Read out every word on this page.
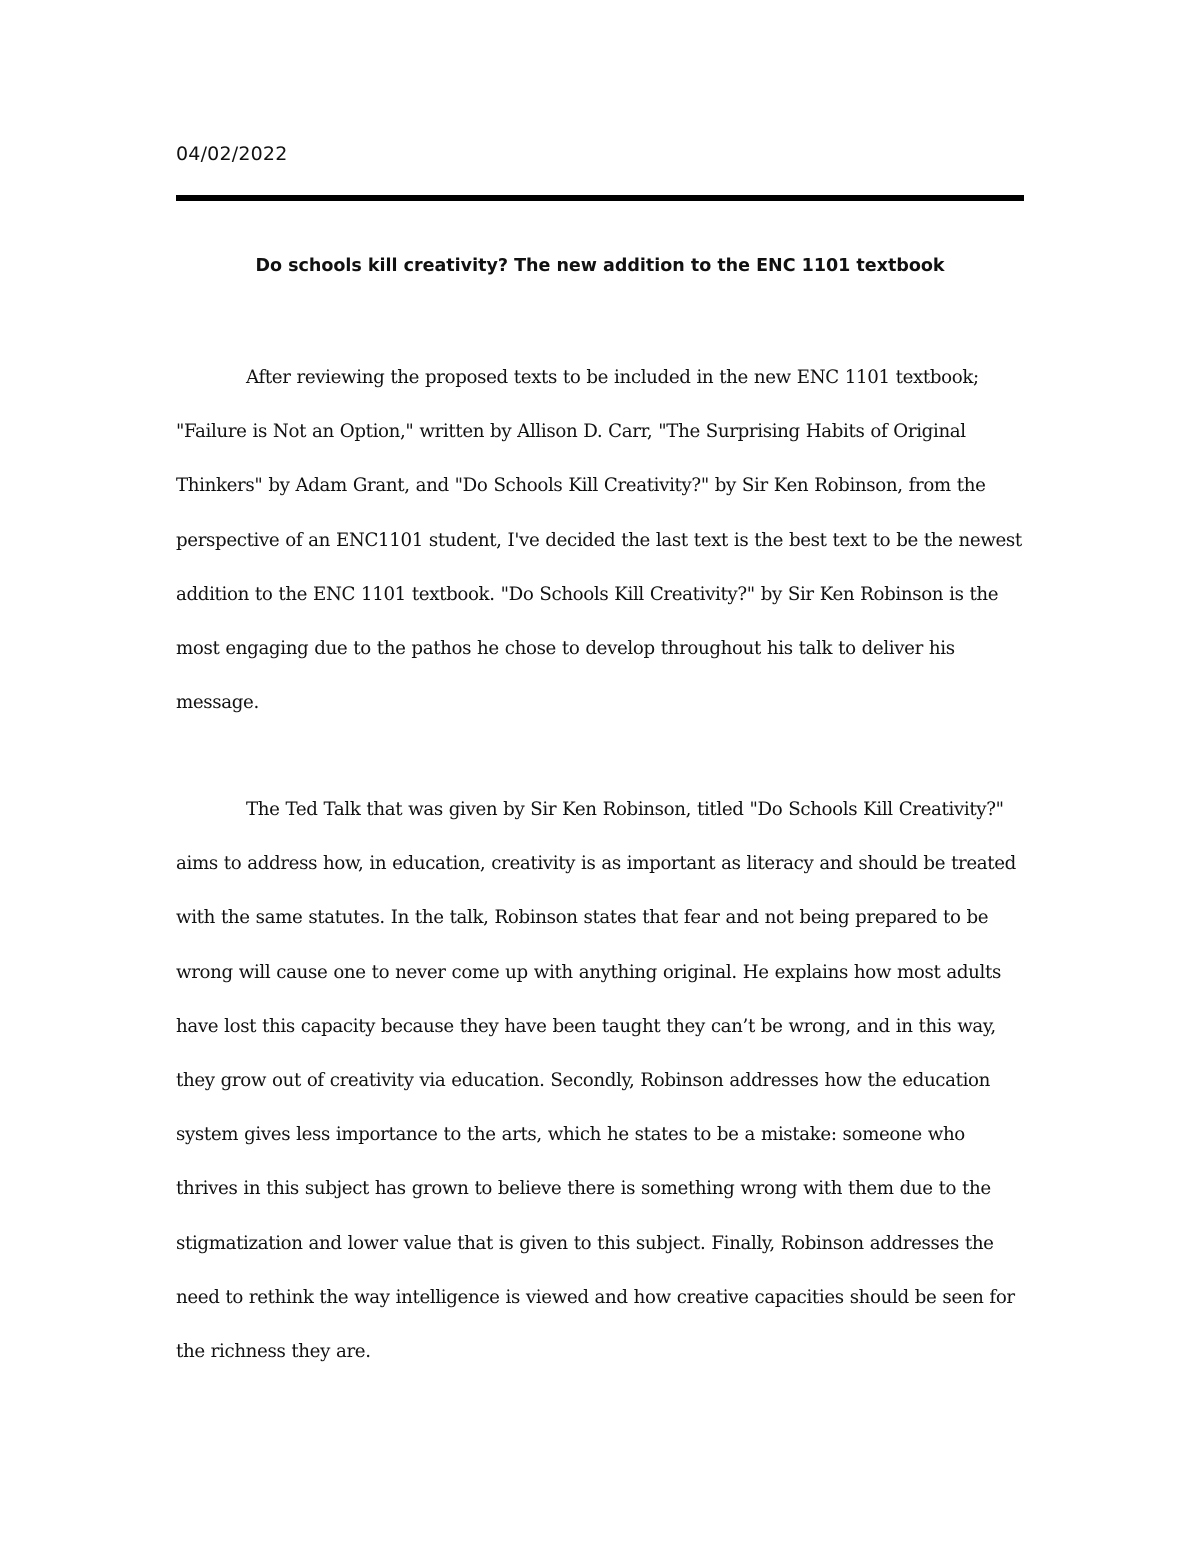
04/02/2022
Do schools kill creativity? The new addition to the ENC 1101 textbook

After reviewing the proposed texts to be included in the new ENC 1101 textbook; "Failure is Not an Option," written by Allison D. Carr, "The Surprising Habits of Original Thinkers" by Adam Grant, and "Do Schools Kill Creativity?" by Sir Ken Robinson, from the perspective of an ENC1101 student, I've decided the last text is the best text to be the newest addition to the ENC 1101 textbook. "Do Schools Kill Creativity?" by Sir Ken Robinson is the most engaging due to the pathos he chose to develop throughout his talk to deliver his message.

The Ted Talk that was given by Sir Ken Robinson, titled "Do Schools Kill Creativity?" aims to address how, in education, creativity is as important as literacy and should be treated with the same statutes. In the talk, Robinson states that fear and not being prepared to be wrong will cause one to never come up with anything original. He explains how most adults have lost this capacity because they have been taught they can’t be wrong, and in this way, they grow out of creativity via education. Secondly, Robinson addresses how the education system gives less importance to the arts, which he states to be a mistake: someone who thrives in this subject has grown to believe there is something wrong with them due to the stigmatization and lower value that is given to this subject. Finally, Robinson addresses the need to rethink the way intelligence is viewed and how creative capacities should be seen for the richness they are.
